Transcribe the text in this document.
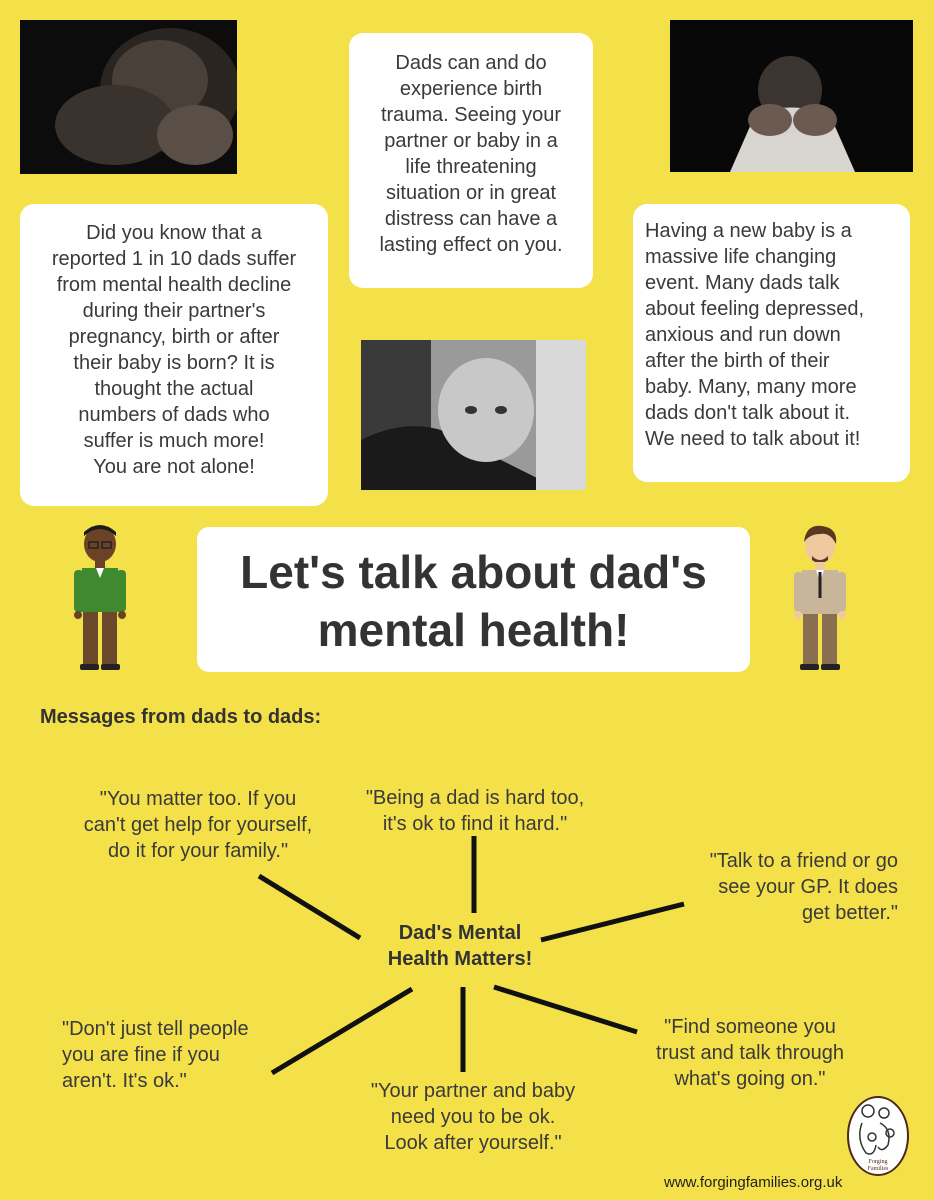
Dads can and do

experience birth

trauma. Seeing your

partner or baby in a

life threatening

situation or in great

distress can have a

lasting effect on you.

Did you know that a

reported 1 in 10 dads suffer

from mental health decline

during their partner's

pregnancy, birth or after

their baby is born? It is

thought the actual

numbers of dads who

suffer is much more!

You are not alone!

Having a new baby is a

massive life changing

event. Many dads talk

about feeling depressed,

anxious and run down

after the birth of their

baby. Many, many more

dads don't talk about it.

We need to talk about it!

Let's talk about dad's
mental health!
Messages from dads to dads:
Dad's Mental
Health Matters!
"You matter too. If you
can't get help for yourself,
do it for your family."
"Being a dad is hard too,
it's ok to find it hard."
"Talk to a friend or go
see your GP. It does
get better."
"Don't just tell people
you are fine if you
aren't. It's ok."	"Your partner and baby
need you to be ok.
Look after yourself."
"Find someone you
trust and talk through
what's going on."
Forging
Families
www.forgingfamilies.org.uk
